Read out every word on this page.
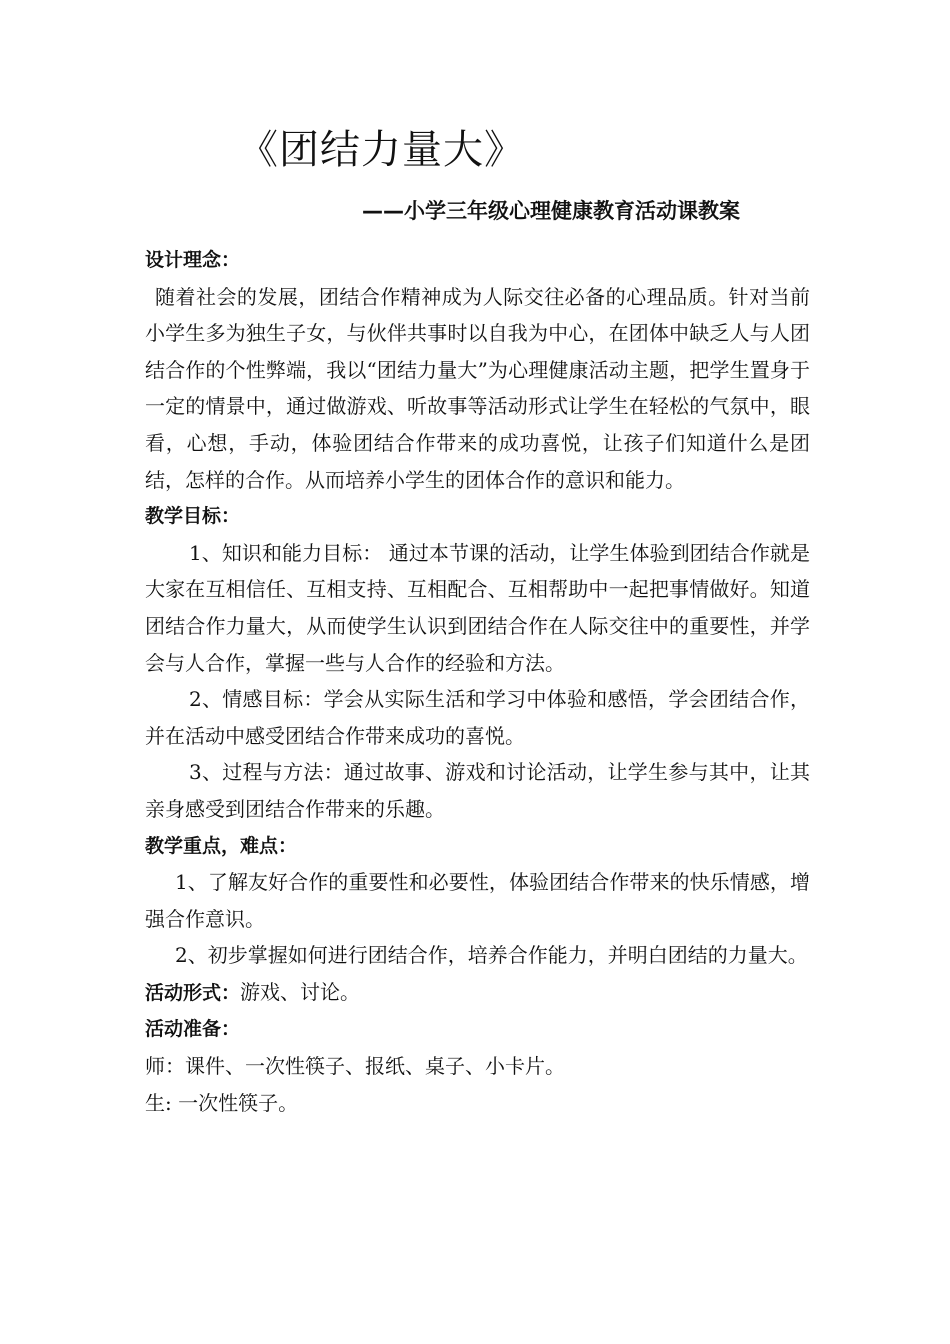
《团结力量大》
——小学三年级心理健康教育活动课教案

设计理念：

随着社会的发展，团结合作精神成为人际交往必备的心理品质。针对当前小学生多为独生子女，与伙伴共事时以自我为中心，在团体中缺乏人与人团结合作的个性弊端，我以“团结力量大”为心理健康活动主题，把学生置身于一定的情景中，通过做游戏、听故事等活动形式让学生在轻松的气氛中，眼看，心想，手动，体验团结合作带来的成功喜悦，让孩子们知道什么是团结，怎样的合作。从而培养小学生的团体合作的意识和能力。

教学目标：

1、知识和能力目标： 通过本节课的活动，让学生体验到团结合作就是大家在互相信任、互相支持、互相配合、互相帮助中一起把事情做好。知道团结合作力量大，从而使学生认识到团结合作在人际交往中的重要性，并学会与人合作，掌握一些与人合作的经验和方法。

2、情感目标：学会从实际生活和学习中体验和感悟，学会团结合作，并在活动中感受团结合作带来成功的喜悦。

3、过程与方法：通过故事、游戏和讨论活动，让学生参与其中，让其亲身感受到团结合作带来的乐趣。

教学重点，难点：

1、了解友好合作的重要性和必要性，体验团结合作带来的快乐情感，增强合作意识。

2、初步掌握如何进行团结合作，培养合作能力，并明白团结的力量大。

活动形式：游戏、讨论。

活动准备：

师：课件、一次性筷子、报纸、桌子、小卡片。

生: 一次性筷子。
